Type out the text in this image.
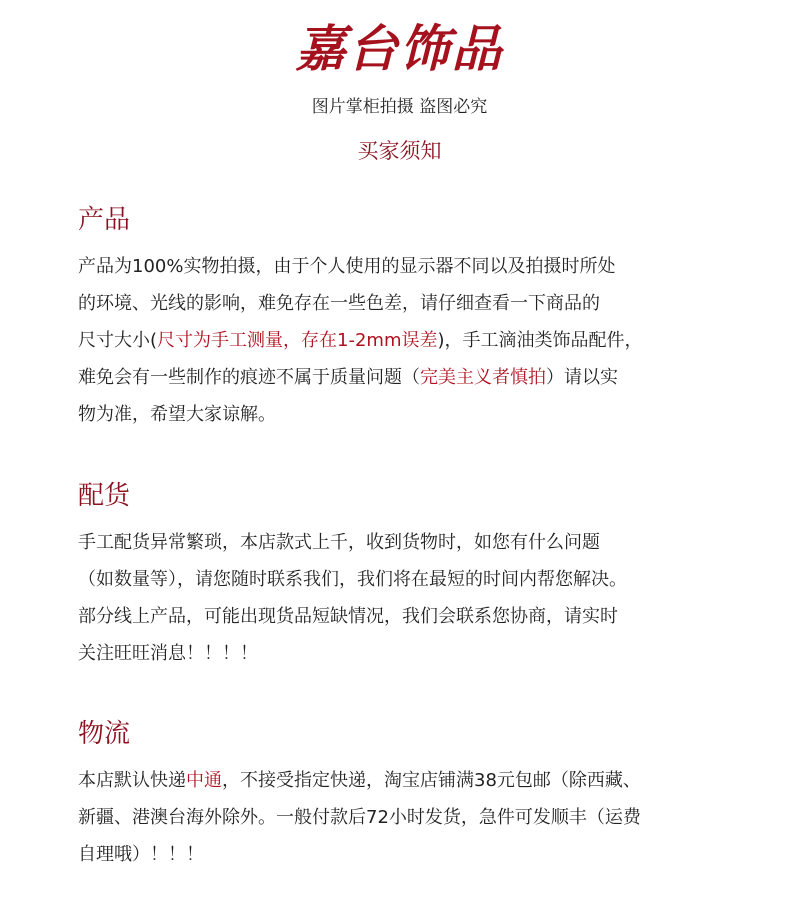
嘉台饰品
图片掌柜拍摄 盗图必究
买家须知
产品
产品为100%实物拍摄，由于个人使用的显示器不同以及拍摄时所处
的环境、光线的影响，难免存在一些色差，请仔细查看一下商品的
尺寸大小(尺寸为手工测量，存在1-2mm误差)，手工滴油类饰品配件，
难免会有一些制作的痕迹不属于质量问题（完美主义者慎拍）请以实
物为准，希望大家谅解。
配货
手工配货异常繁琐，本店款式上千，收到货物时，如您有什么问题
（如数量等），请您随时联系我们，我们将在最短的时间内帮您解决。
部分线上产品，可能出现货品短缺情况，我们会联系您协商，请实时
关注旺旺消息！！！！
物流
本店默认快递中通，不接受指定快递，淘宝店铺满38元包邮（除西藏、
新疆、港澳台海外除外。一般付款后72小时发货，急件可发顺丰（运费
自理哦）！！！
